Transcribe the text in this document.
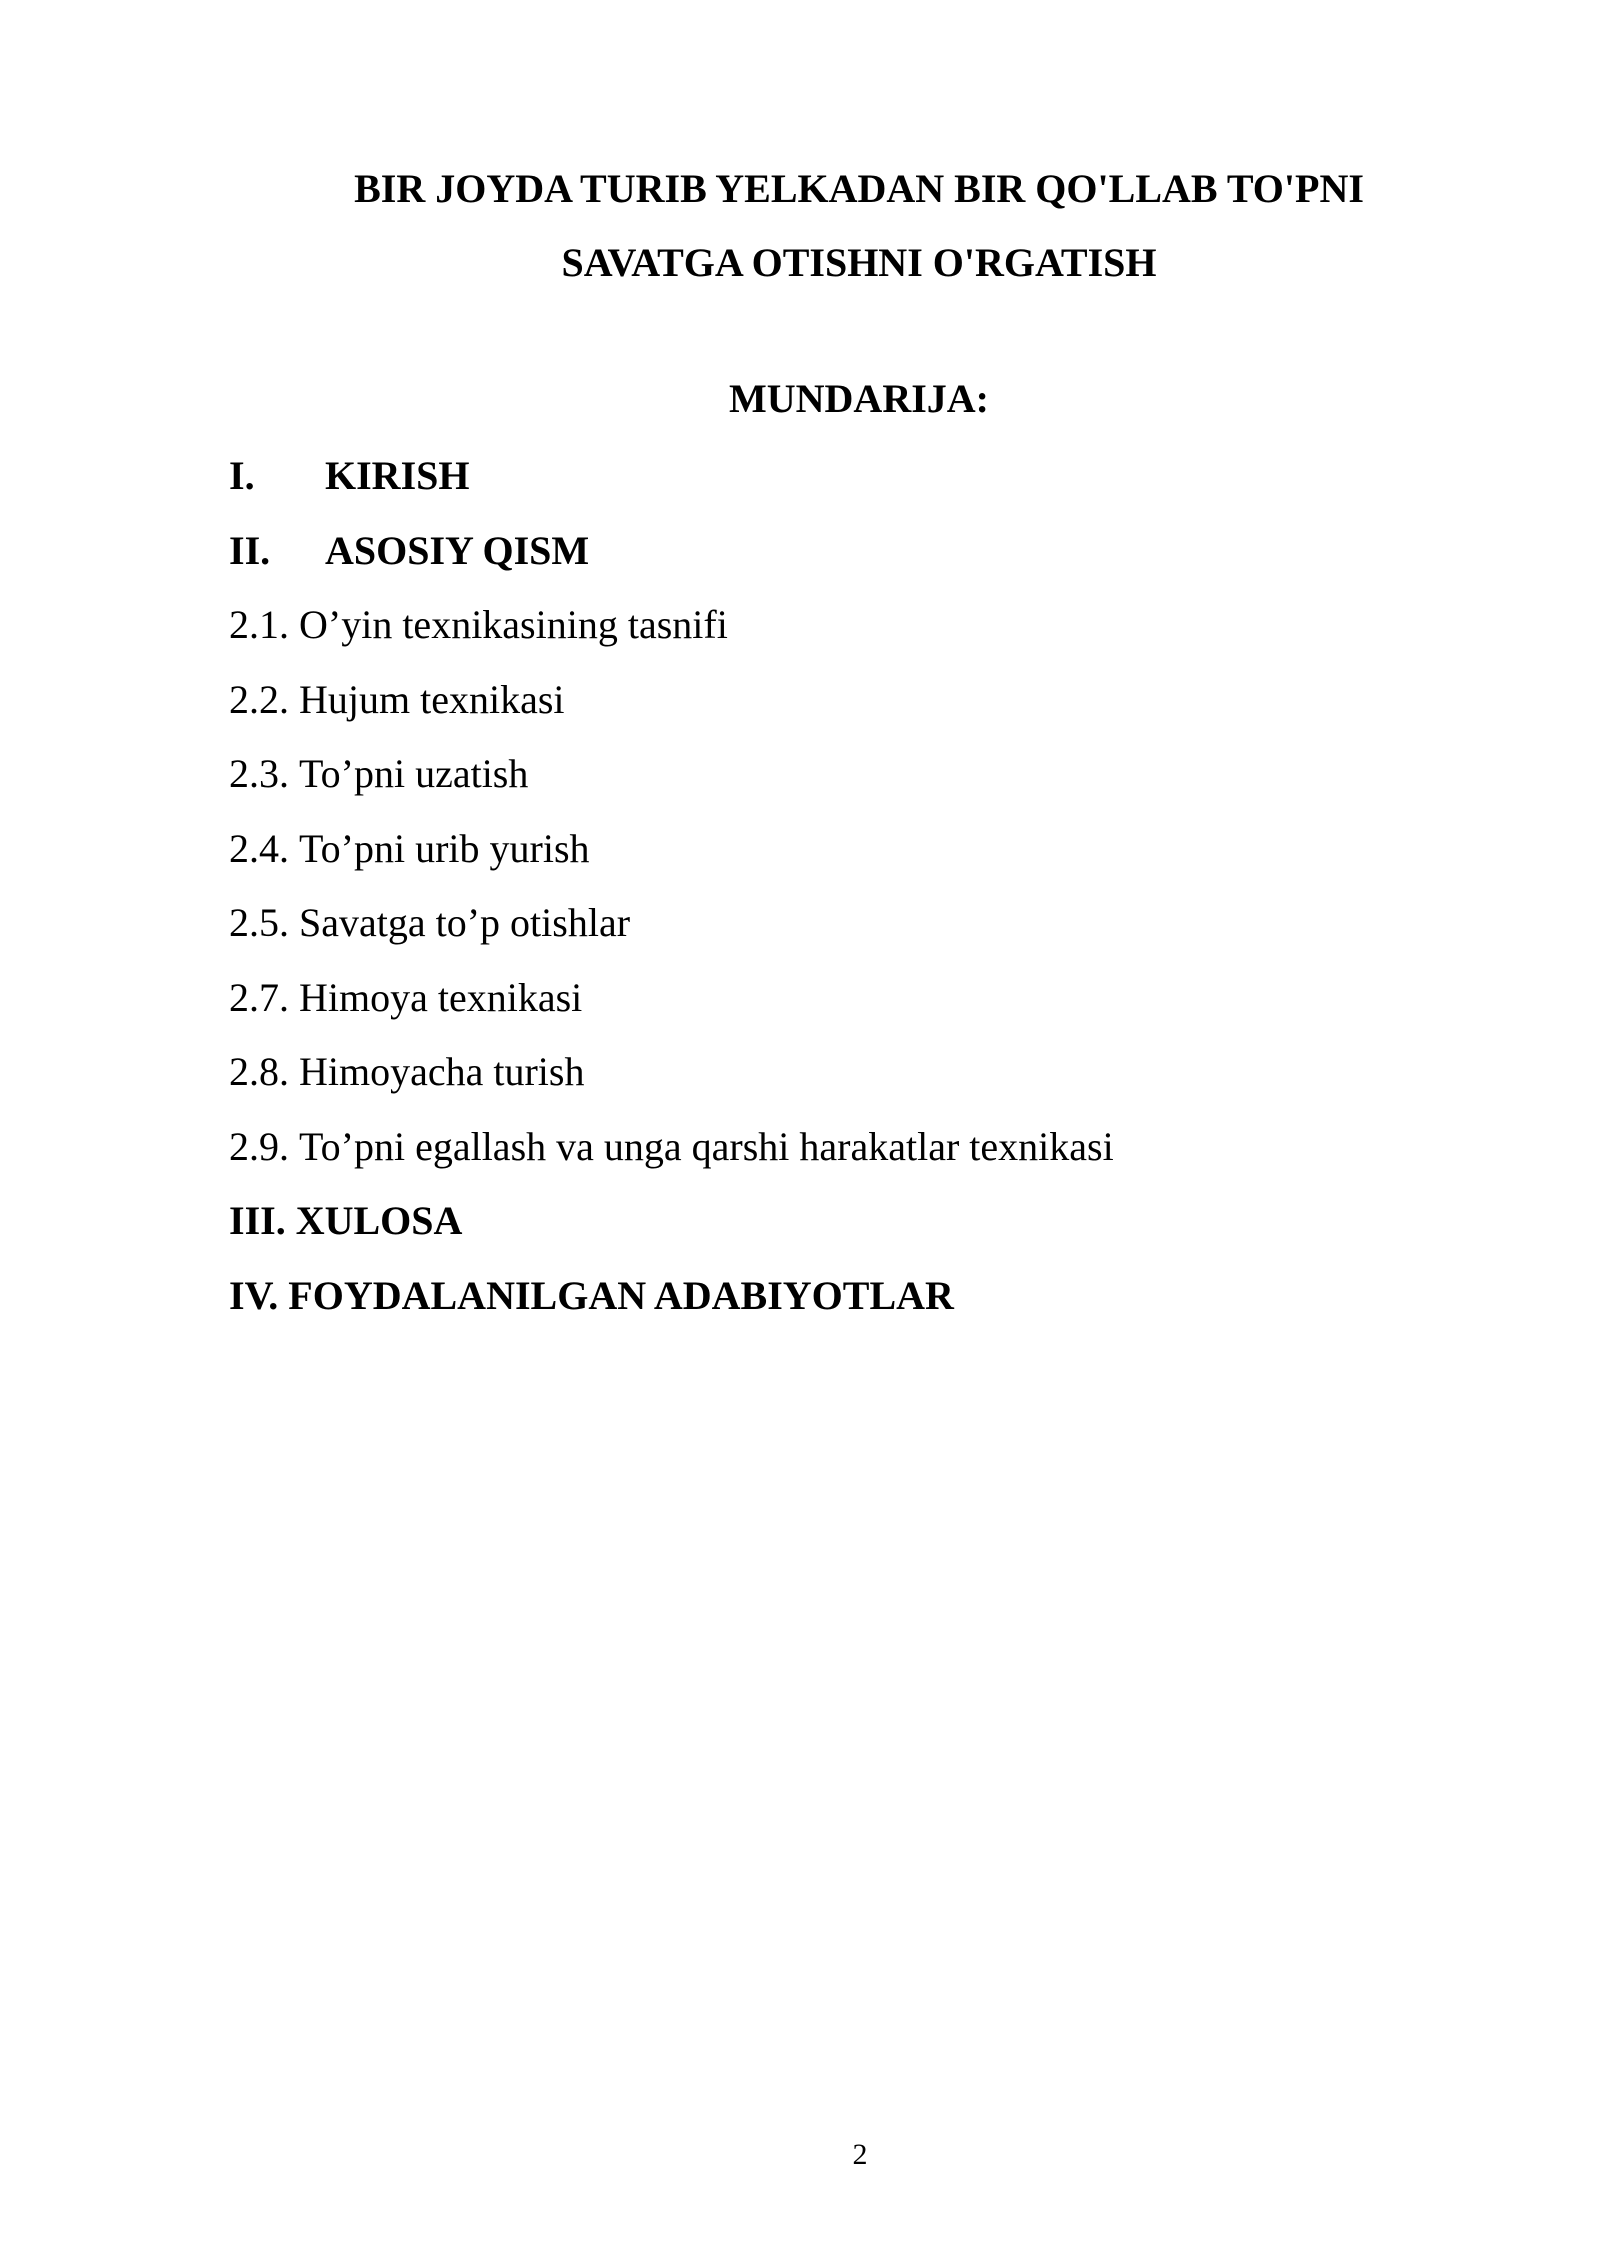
BIR JOYDA TURIB YELKADAN BIR QO'LLAB TO'PNI
SAVATGA OTISHNI O'RGATISH
MUNDARIJA:
I. KIRISH
II. ASOSIY QISM
2.1. O’yin texnikasining tasnifi
2.2. Hujum texnikasi
2.3. To’pni uzatish
2.4. To’pni urib yurish
2.5. Savatga to’p otishlar
2.7. Himoya texnikasi
2.8. Himoyacha turish
2.9. To’pni egallash va unga qarshi harakatlar texnikasi
III. XULOSA
IV. FOYDALANILGAN ADABIYOTLAR
2
